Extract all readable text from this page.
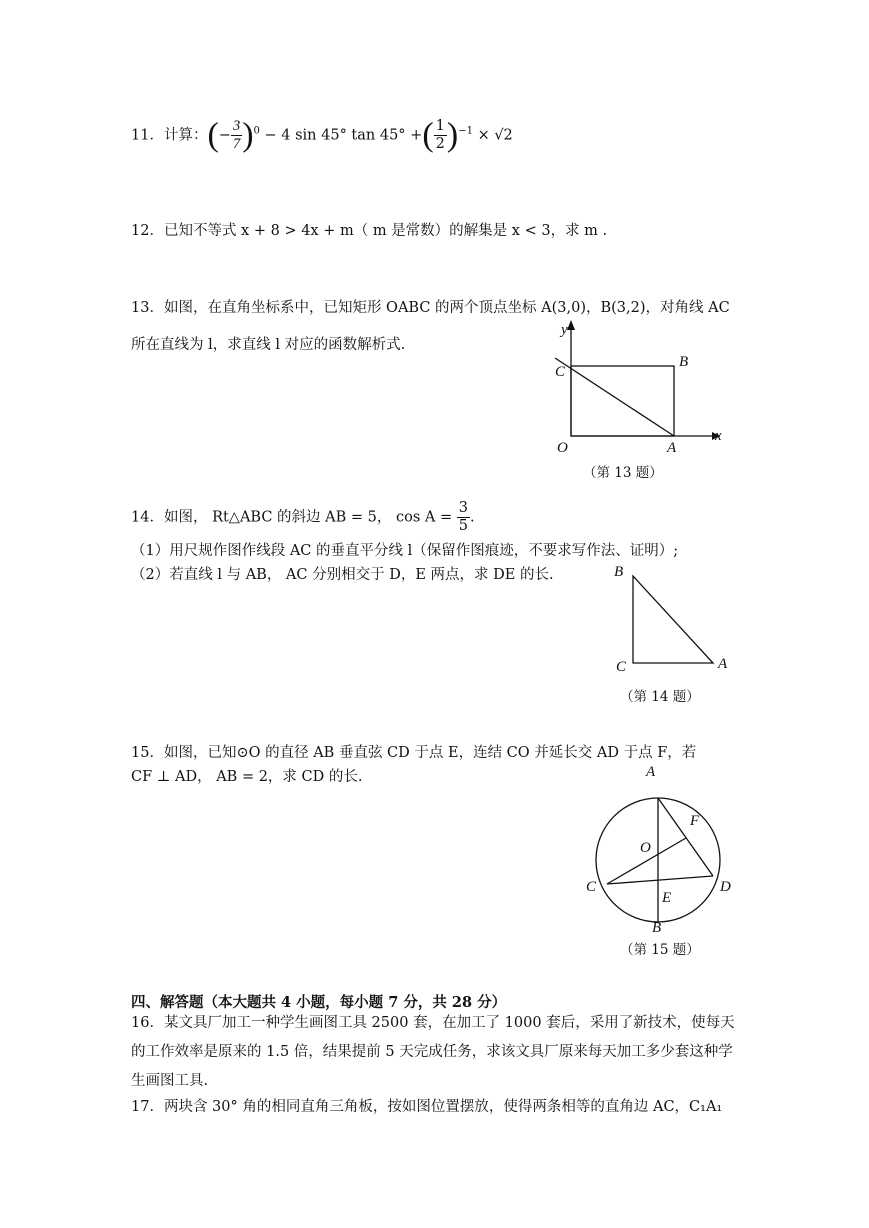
11．计算：(− $\frac{3}{7} )^0 - 4$ sin 45° tan 45° +( $\frac{1}{2} )^{-1} \times √2$
12．已知不等式 x + 8 > 4x + m（ m 是常数）的解集是 x < 3，求 m .
13．如图，在直角坐标系中，已知矩形 OABC 的两个顶点坐标 A(3,0)，B(3,2)，对角线 AC
所在直线为 l，求直线 l 对应的函数解析式.
y
x
O	A
B
C
（第 13 题）
14．如图， Rt△ABC 的斜边 AB = 5， $\cos A = \frac{3}{5}$ .
（1）用尺规作图作线段 AC 的垂直平分线 l（保留作图痕迹，不要求写作法、证明）;
（2）若直线 l 与 AB， AC 分别相交于 D，E 两点，求 DE 的长.	B
C	A
（第 14 题）
15．如图，已知⊙O 的直径 AB 垂直弦 CD 于点 E，连结 CO 并延长交 AD 于点 F，若
CF ⊥ AD， AB = 2，求 CD 的长.	A
F
O
C	D
E
B
（第 15 题）
四、解答题（本大题共 4 小题，每小题 7 分，共 28 分）
16．某文具厂加工一种学生画图工具 2500 套，在加工了 1000 套后，采用了新技术，使每天的工作效率是原来的 1.5 倍，结果提前 5 天完成任务，求该文具厂原来每天加工多少套这种学生画图工具.
17．两块含 30° 角的相同直角三角板，按如图位置摆放，使得两条相等的直角边 AC，C₁A₁
